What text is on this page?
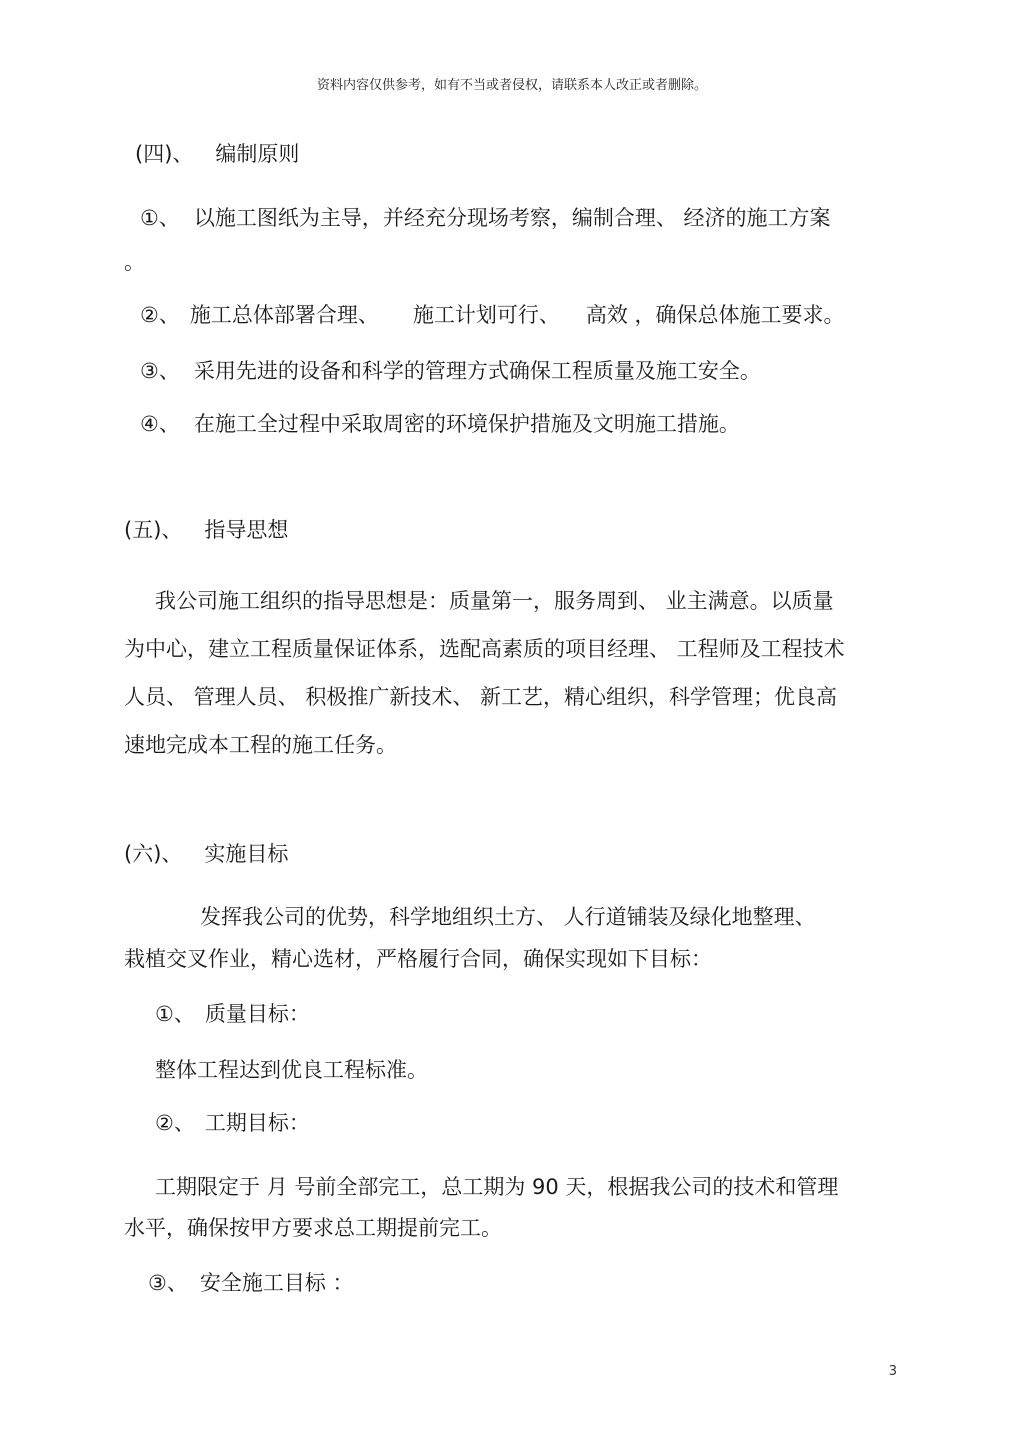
资料内容仅供参考，如有不当或者侵权，请联系本人改正或者删除。
(四)、 编制原则
①、 以施工图纸为主导，并经充分现场考察，编制合理、 经济的施工方案
。
②、 施工总体部署合理、 施工计划可行、 高效 ，确保总体施工要求。
③、 采用先进的设备和科学的管理方式确保工程质量及施工安全。
④、 在施工全过程中采取周密的环境保护措施及文明施工措施。
(五)、 指导思想
我公司施工组织的指导思想是：质量第一，服务周到、 业主满意。以质量
为中心，建立工程质量保证体系，选配高素质的项目经理、 工程师及工程技术
人员、 管理人员、 积极推广新技术、 新工艺，精心组织，科学管理；优良高
速地完成本工程的施工任务。
(六)、 实施目标
发挥我公司的优势，科学地组织土方、 人行道铺装及绿化地整理、
栽植交叉作业，精心选材，严格履行合同，确保实现如下目标：
①、 质量目标：
整体工程达到优良工程标准。
②、 工期目标：
工期限定于 月 号前全部完工，总工期为 90 天，根据我公司的技术和管理
水平，确保按甲方要求总工期提前完工。
③、 安全施工目标 ：
3
